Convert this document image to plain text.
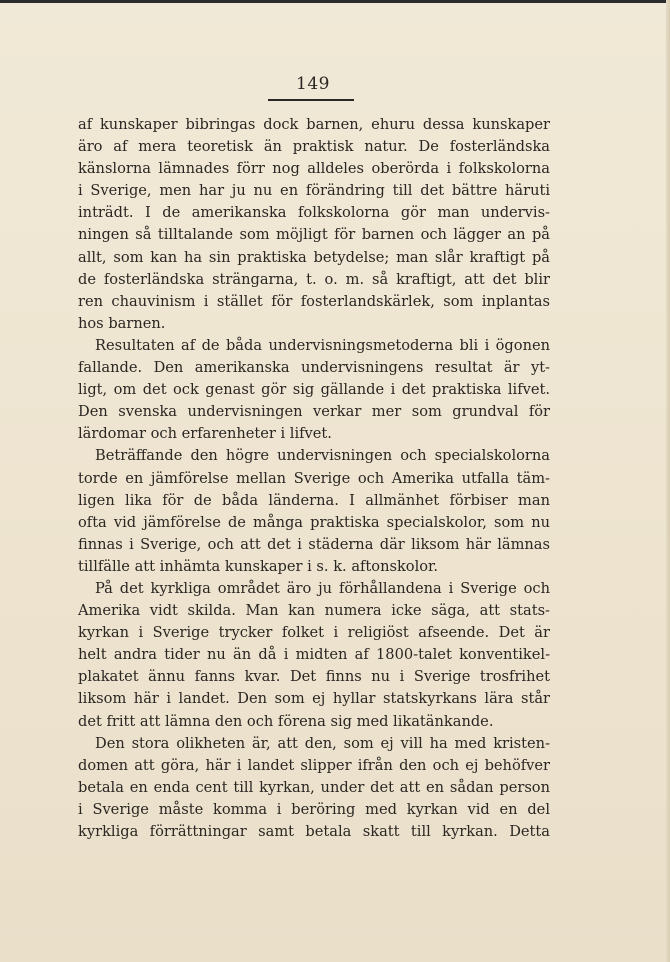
149
af kunskaper bibringas dock barnen, ehuru dessa kunskaper
äro af mera teoretisk än praktisk natur. De fosterländska
känslorna lämnades förr nog alldeles oberörda i folkskolorna
i Sverige, men har ju nu en förändring till det bättre häruti
inträdt. I de amerikanska folkskolorna gör man undervis-
ningen så tilltalande som möjligt för barnen och lägger an på
allt, som kan ha sin praktiska betydelse; man slår kraftigt på
de fosterländska strängarna, t. o. m. så kraftigt, att det blir
ren chauvinism i stället för fosterlandskärlek, som inplantas
hos barnen.
Resultaten af de båda undervisningsmetoderna bli i ögonen
fallande. Den amerikanska undervisningens resultat är yt-
ligt, om det ock genast gör sig gällande i det praktiska lifvet.
Den svenska undervisningen verkar mer som grundval för
lärdomar och erfarenheter i lifvet.
Beträffande den högre undervisningen och specialskolorna
torde en jämförelse mellan Sverige och Amerika utfalla täm-
ligen lika för de båda länderna. I allmänhet förbiser man
ofta vid jämförelse de många praktiska specialskolor, som nu
finnas i Sverige, och att det i städerna där liksom här lämnas
tillfälle att inhämta kunskaper i s. k. aftonskolor.
På det kyrkliga området äro ju förhållandena i Sverige och
Amerika vidt skilda. Man kan numera icke säga, att stats-
kyrkan i Sverige trycker folket i religiöst afseende. Det är
helt andra tider nu än då i midten af 1800-talet konventikel-
plakatet ännu fanns kvar. Det finns nu i Sverige trosfrihet
liksom här i landet. Den som ej hyllar statskyrkans lära står
det fritt att lämna den och förena sig med likatänkande.
Den stora olikheten är, att den, som ej vill ha med kristen-
domen att göra, här i landet slipper ifrån den och ej behöfver
betala en enda cent till kyrkan, under det att en sådan person
i Sverige måste komma i beröring med kyrkan vid en del
kyrkliga förrättningar samt betala skatt till kyrkan. Detta
